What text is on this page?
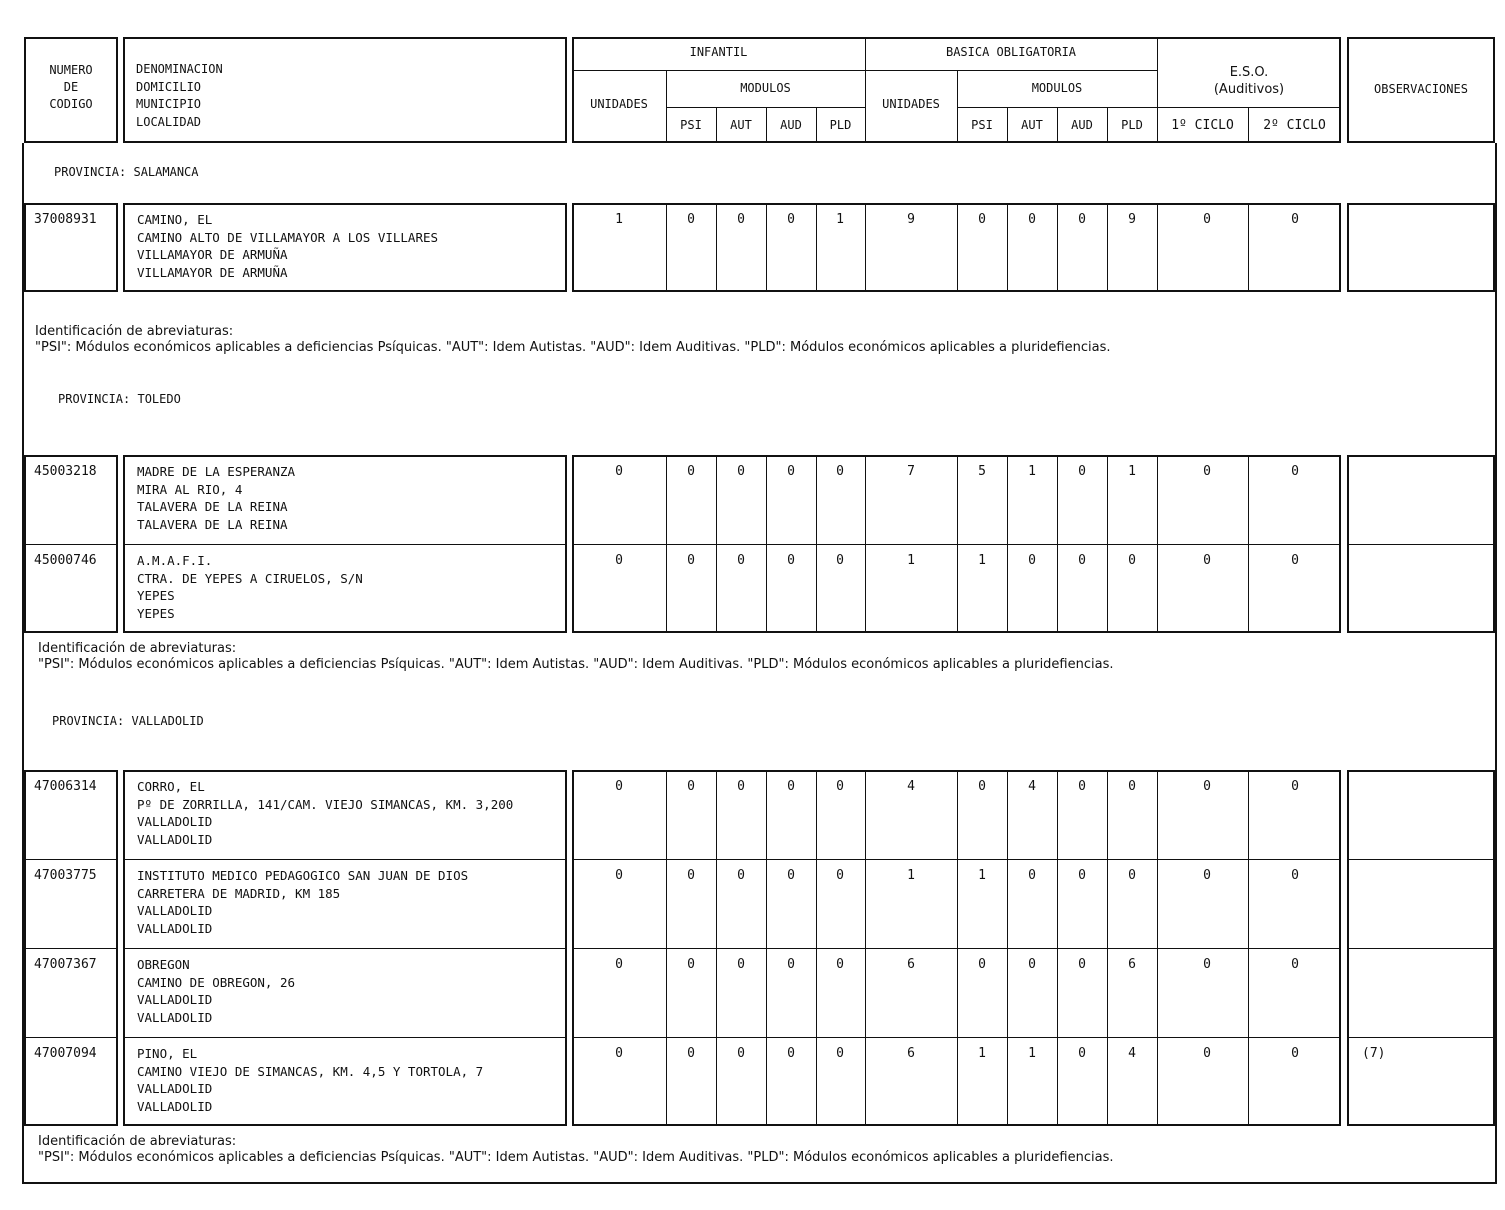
NUMERO
DE
CODIGO
DENOMINACION
DOMICILIO
MUNICIPIO
LOCALIDAD
INFANTIL	BASICA OBLIGATORIA
UNIDADES	UNIDADES
MODULOS	MODULOS
PSI	AUT	AUD	PLD	PSI	AUT	AUD	PLD
E.S.O.
(Auditivos)
1º CICLO	2º CICLO
OBSERVACIONES
PROVINCIA: SALAMANCA
PROVINCIA: TOLEDO
PROVINCIA: VALLADOLID
Identificación de abreviaturas:
"PSI": Módulos económicos aplicables a deficiencias Psíquicas. "AUT": Idem Autistas. "AUD": Idem Auditivas. "PLD": Módulos económicos aplicables a pluridefiencias.
Identificación de abreviaturas:
"PSI": Módulos económicos aplicables a deficiencias Psíquicas. "AUT": Idem Autistas. "AUD": Idem Auditivas. "PLD": Módulos económicos aplicables a pluridefiencias.
Identificación de abreviaturas:
"PSI": Módulos económicos aplicables a deficiencias Psíquicas. "AUT": Idem Autistas. "AUD": Idem Auditivas. "PLD": Módulos económicos aplicables a pluridefiencias.
37008931	CAMINO, EL
CAMINO ALTO DE VILLAMAYOR A LOS VILLARES
VILLAMAYOR DE ARMUÑA
VILLAMAYOR DE ARMUÑA
1	0	0	0	1	9	0	0	0	9	0	0
45003218	MADRE DE LA ESPERANZA
MIRA AL RIO, 4
TALAVERA DE LA REINA
TALAVERA DE LA REINA
0	0	0	0	0	7	5	1	0	1	0	0
45000746	A.M.A.F.I.
CTRA. DE YEPES A CIRUELOS, S/N
YEPES
YEPES
0	0	0	0	0	1	1	0	0	0	0	0
47006314	CORRO, EL
Pº DE ZORRILLA, 141/CAM. VIEJO SIMANCAS, KM. 3,200
VALLADOLID
VALLADOLID
0	0	0	0	0	4	0	4	0	0	0	0
47003775	INSTITUTO MEDICO PEDAGOGICO SAN JUAN DE DIOS
CARRETERA DE MADRID, KM 185
VALLADOLID
VALLADOLID
0	0	0	0	0	1	1	0	0	0	0	0
47007367	OBREGON
CAMINO DE OBREGON, 26
VALLADOLID
VALLADOLID
0	0	0	0	0	6	0	0	0	6	0	0
47007094	PINO, EL
CAMINO VIEJO DE SIMANCAS, KM. 4,5 Y TORTOLA, 7
VALLADOLID
VALLADOLID
0	0	0	0	0	6	1	1	0	4	0	0	(7)
